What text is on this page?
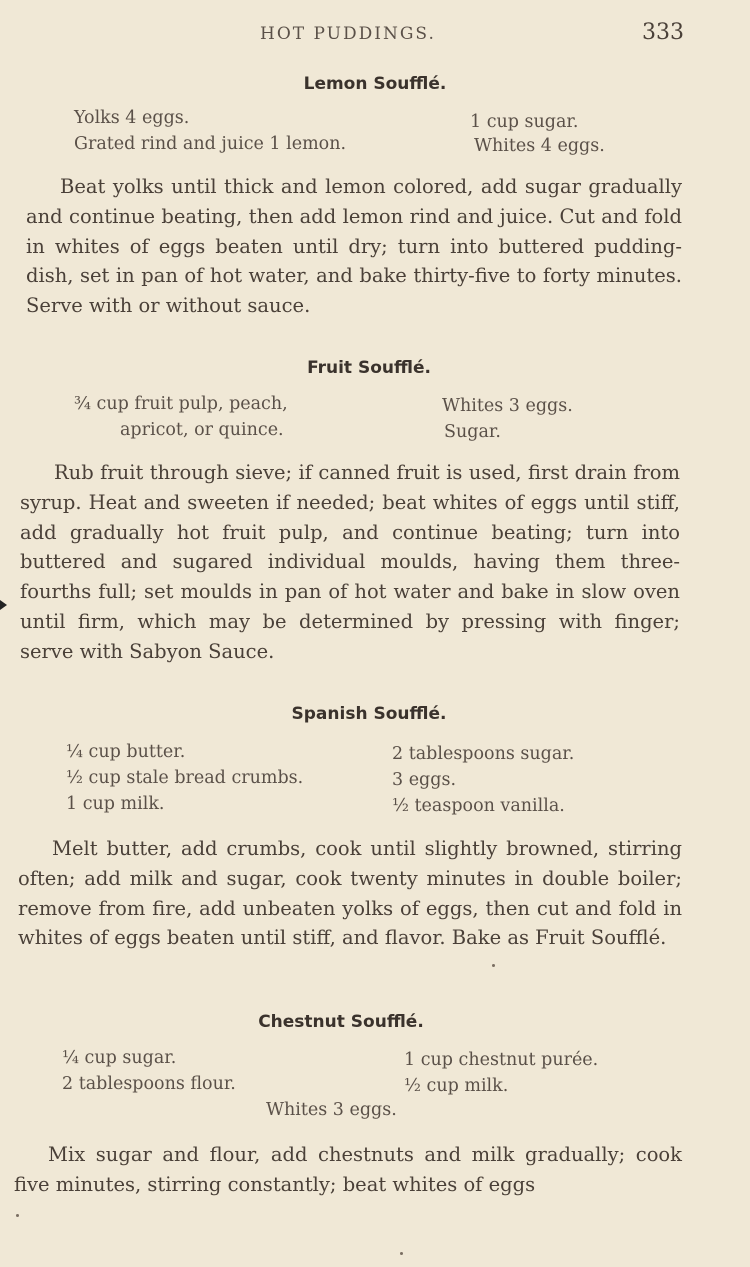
HOT PUDDINGS.	333
Lemon Soufflé.
Yolks 4 eggs.
Grated rind and juice 1 lemon.
1 cup sugar.
Whites 4 eggs.

Beat yolks until thick and lemon colored, add sugar gradually and continue beating, then add lemon rind and juice. Cut and fold in whites of eggs beaten until dry; turn into buttered pudding-dish, set in pan of hot water, and bake thirty-five to forty minutes. Serve with or without sauce.

Fruit Soufflé.
¾ cup fruit pulp, peach,
apricot, or quince.
Whites 3 eggs.
Sugar.

Rub fruit through sieve; if canned fruit is used, first drain from syrup. Heat and sweeten if needed; beat whites of eggs until stiff, add gradually hot fruit pulp, and continue beating; turn into buttered and sugared individual moulds, having them three-fourths full; set moulds in pan of hot water and bake in slow oven until firm, which may be determined by pressing with finger; serve with Sabyon Sauce.

Spanish Soufflé.
¼ cup butter.
½ cup stale bread crumbs.
1 cup milk.
2 tablespoons sugar.
3 eggs.
½ teaspoon vanilla.

Melt butter, add crumbs, cook until slightly browned, stirring often; add milk and sugar, cook twenty minutes in double boiler; remove from fire, add unbeaten yolks of eggs, then cut and fold in whites of eggs beaten until stiff, and flavor. Bake as Fruit Soufflé.

Chestnut Soufflé.
¼ cup sugar.
2 tablespoons flour.
1 cup chestnut purée.
½ cup milk.
Whites 3 eggs.

Mix sugar and flour, add chestnuts and milk gradually; cook five minutes, stirring constantly; beat whites of eggs
